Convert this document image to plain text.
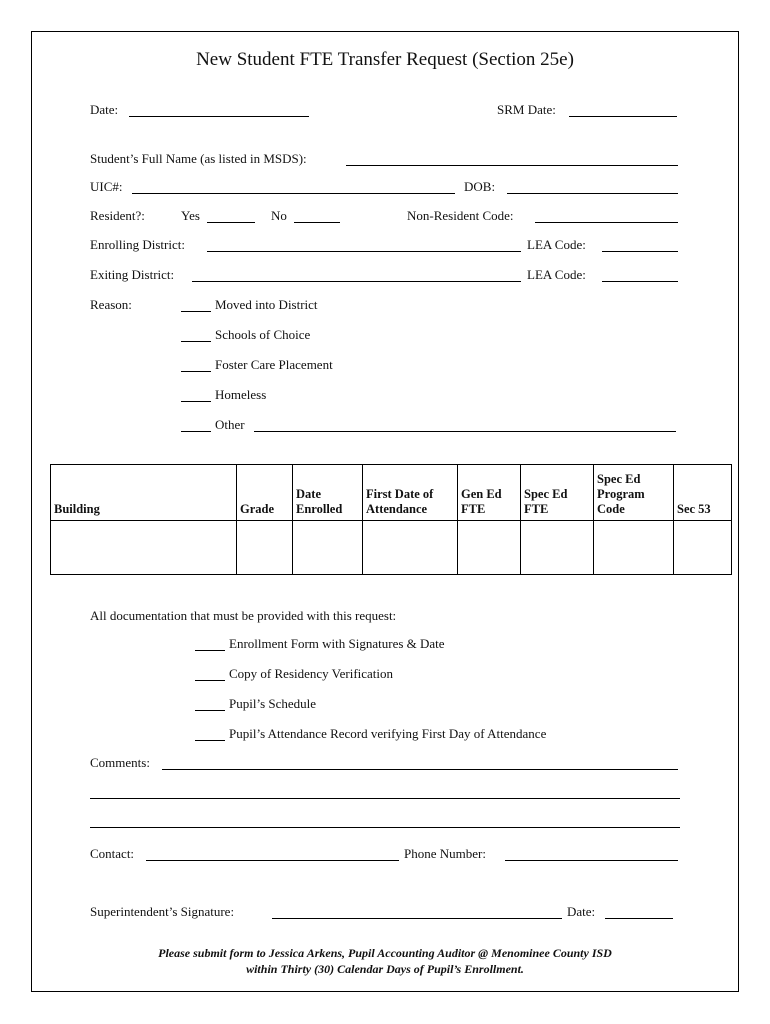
New Student FTE Transfer Request (Section 25e)
Date:	SRM Date:
Student’s Full Name (as listed in MSDS):
UIC#:	DOB:
Resident?:	Yes	No	Non-Resident Code:
Enrolling District:	LEA Code:
Exiting District:	LEA Code:
Reason:	Moved into District
Schools of Choice
Foster Care Placement
Homeless
Other
Building	Grade	Date Enrolled	First Date of Attendance	Gen Ed FTE	Spec Ed FTE	Spec Ed Program Code	Sec 53

All documentation that must be provided with this request:
Enrollment Form with Signatures & Date
Copy of Residency Verification
Pupil’s Schedule
Pupil’s Attendance Record verifying First Day of Attendance
Comments:
Contact:	Phone Number:
Superintendent’s Signature:	Date:
Please submit form to Jessica Arkens, Pupil Accounting Auditor @ Menominee County ISD
within Thirty (30) Calendar Days of Pupil’s Enrollment.
